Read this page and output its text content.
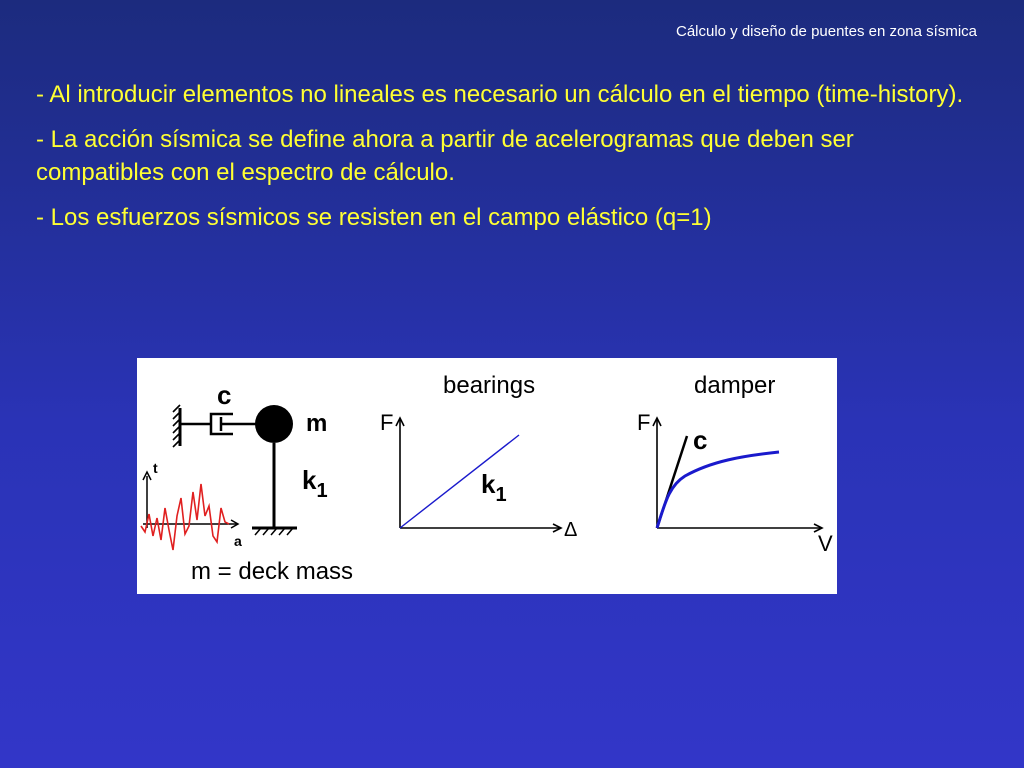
Cálculo y diseño de puentes en zona sísmica

- Al introducir elementos no lineales es necesario un cálculo en el tiempo (time-history).

- La acción sísmica se define ahora a partir de acelerogramas que deben ser compatibles con el espectro de cálculo.

- Los esfuerzos sísmicos se resisten en el campo elástico (q=1)

c
m
$k_1$
t
a
m = deck mass
bearings
F
Δ
$k_1$
damper
F
V
c
